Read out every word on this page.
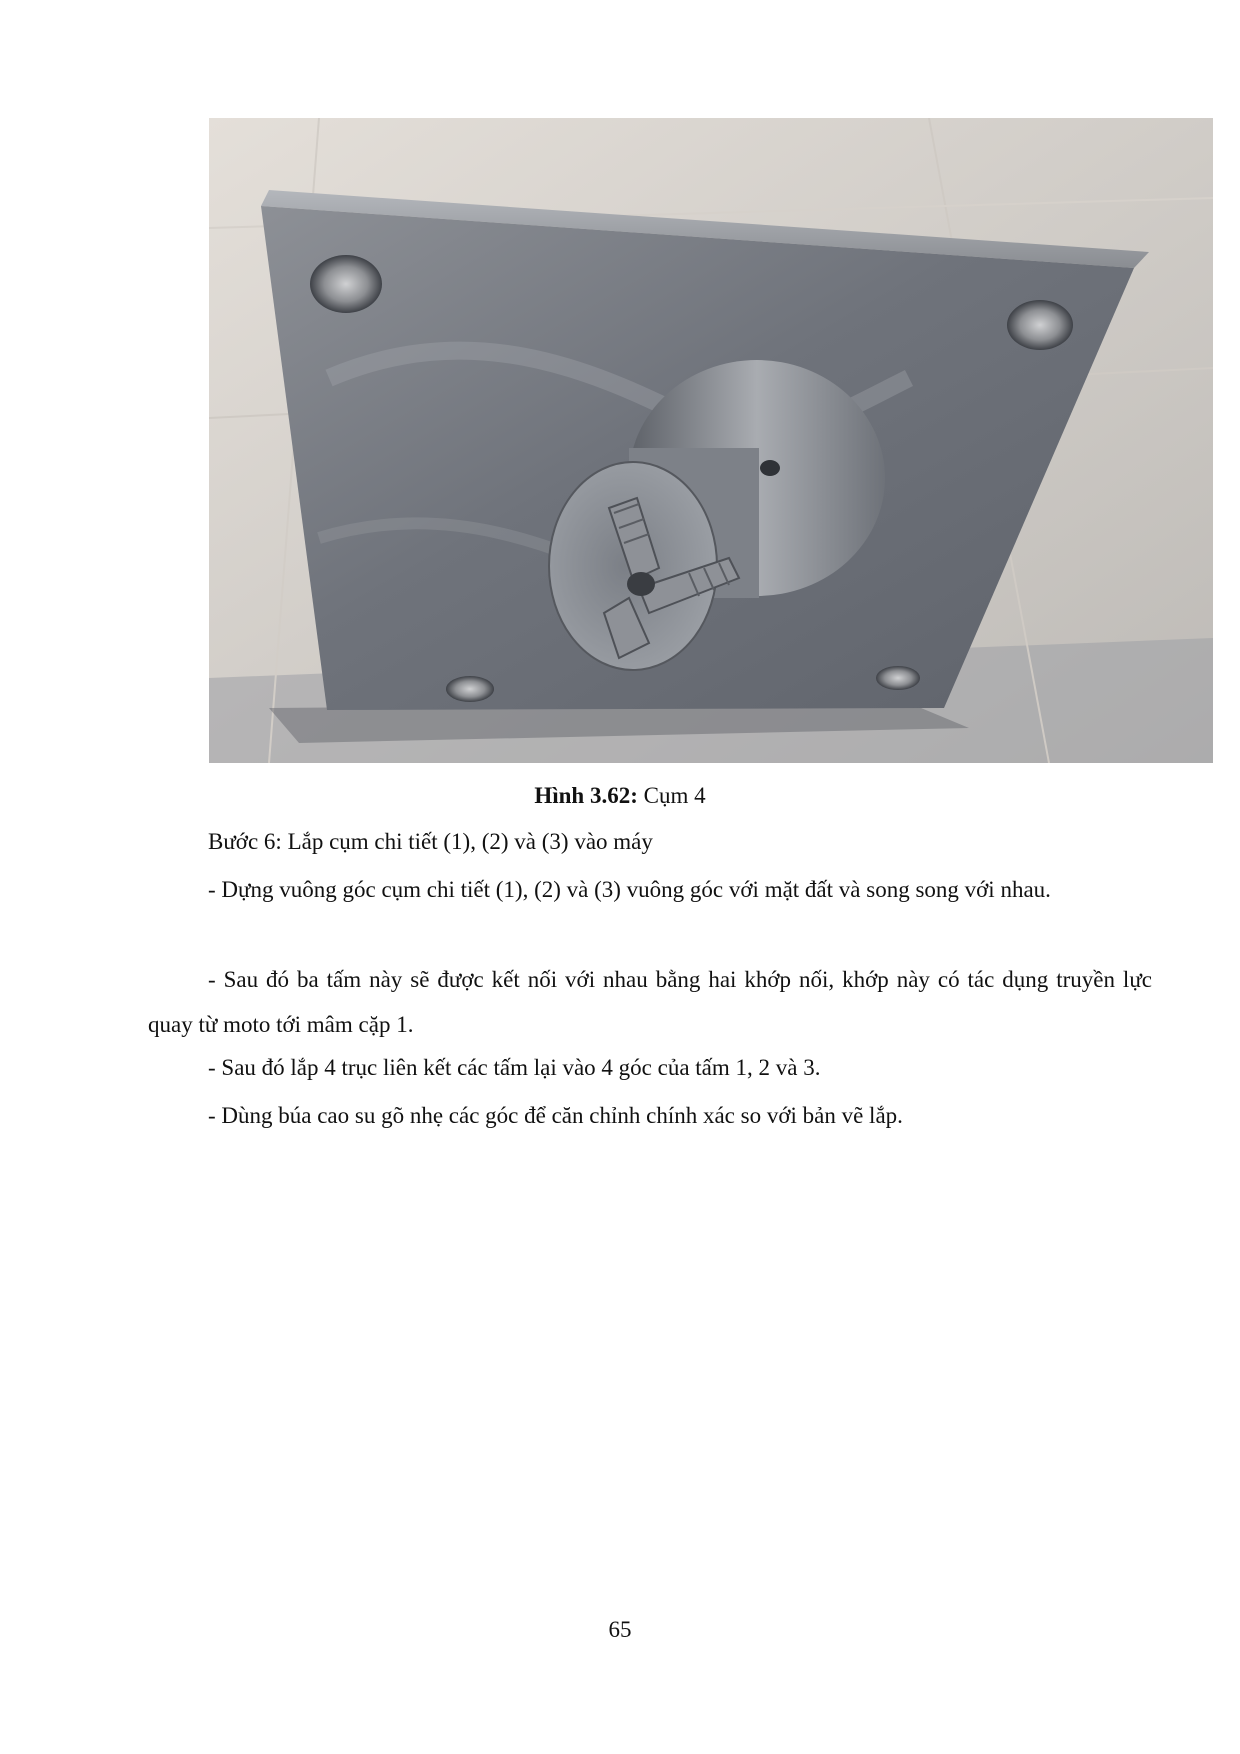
Hình 3.62: Cụm 4

Bước 6: Lắp cụm chi tiết (1), (2) và (3) vào máy

- Dựng vuông góc cụm chi tiết (1), (2) và (3) vuông góc với mặt đất và song song với nhau.

- Sau đó ba tấm này sẽ được kết nối với nhau bằng hai khớp nối, khớp này có tác dụng truyền lực quay từ moto tới mâm cặp 1.

- Sau đó lắp 4 trục liên kết các tấm lại vào 4 góc của tấm 1, 2 và 3.

- Dùng búa cao su gõ nhẹ các góc để căn chỉnh chính xác so với bản vẽ lắp.

65
